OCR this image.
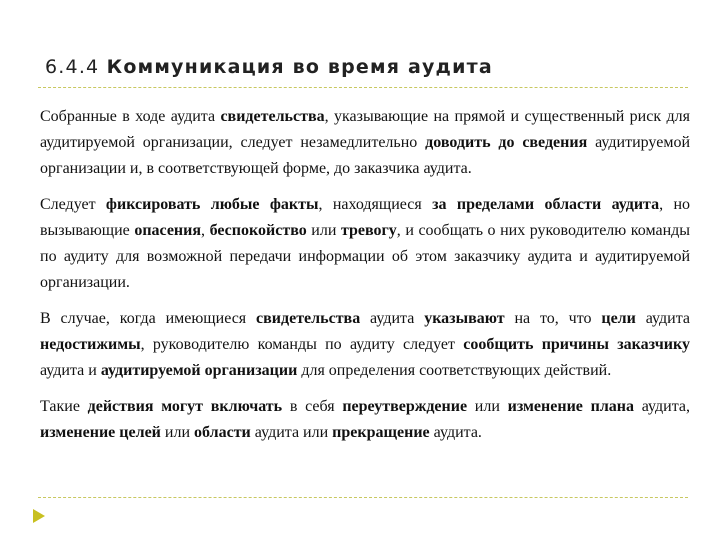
6.4.4 Коммуникация во время аудита

Собранные в ходе аудита свидетельства, указывающие на прямой и существенный риск для аудитируемой организации, следует незамедлительно доводить до сведения аудитируемой организации и, в соответствующей форме, до заказчика аудита.

Следует фиксировать любые факты, находящиеся за пределами области аудита, но вызывающие опасения, беспокойство или тревогу, и сообщать о них руководителю команды по аудиту для возможной передачи информации об этом заказчику аудита и аудитируемой организации.

В случае, когда имеющиеся свидетельства аудита указывают на то, что цели аудита недостижимы, руководителю команды по аудиту следует сообщить причины заказчику аудита и аудитируемой организации для определения соответствующих действий.

Такие действия могут включать в себя переутверждение или изменение плана аудита, изменение целей или области аудита или прекращение аудита.
